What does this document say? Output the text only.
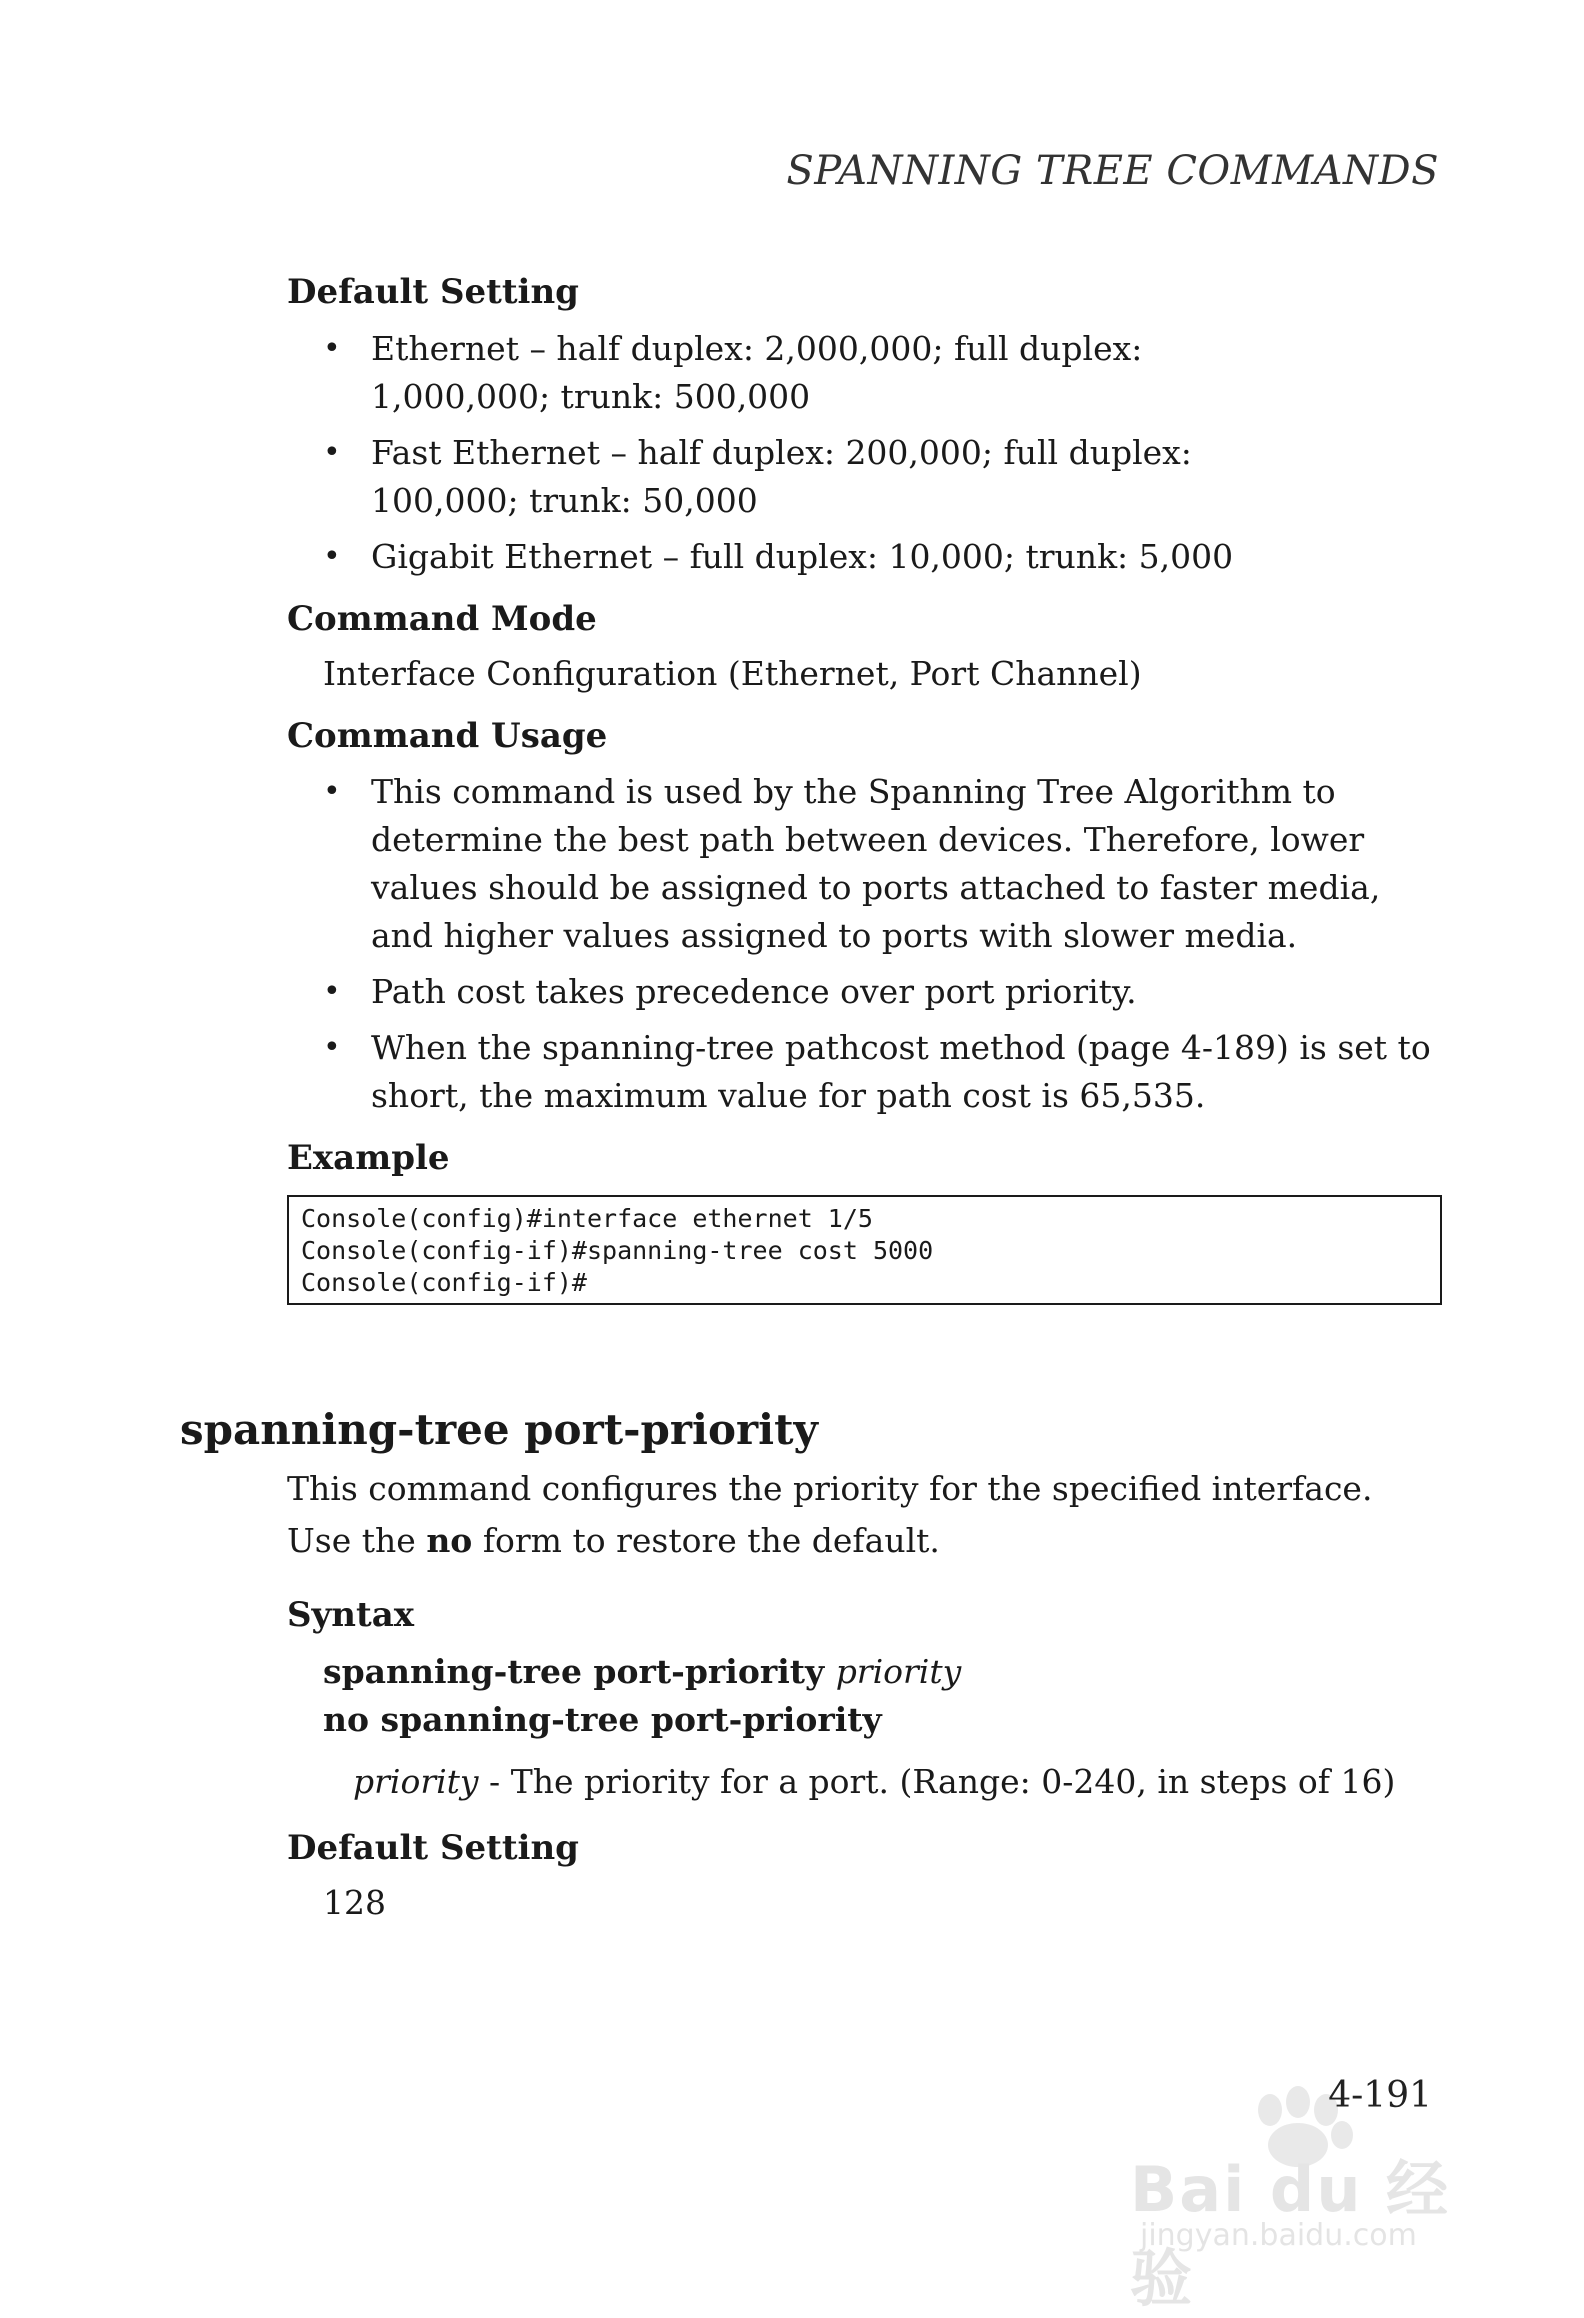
SPANNING TREE COMMANDS
Default Setting
• Ethernet – half duplex: 2,000,000; full duplex: 1,000,000; trunk: 500,000
• Fast Ethernet – half duplex: 200,000; full duplex: 100,000; trunk: 50,000
• Gigabit Ethernet – full duplex: 10,000; trunk: 5,000
Command Mode

Interface Configuration (Ethernet, Port Channel)

Command Usage
• This command is used by the Spanning Tree Algorithm to determine the best path between devices. Therefore, lower values should be assigned to ports attached to faster media, and higher values assigned to ports with slower media.
• Path cost takes precedence over port priority.
• When the spanning-tree pathcost method (page 4-189) is set to short, the maximum value for path cost is 65,535.
Example
Console(config)#interface ethernet 1/5
Console(config-if)#spanning-tree cost 5000
Console(config-if)#
spanning-tree port-priority

This command configures the priority for the specified interface. Use the no form to restore the default.

Syntax
spanning-tree port-priority priority
no spanning-tree port-priority
priority - The priority for a port. (Range: 0-240, in steps of 16)
Default Setting

128

Bai du 经验
jingyan.baidu.com
4-191
